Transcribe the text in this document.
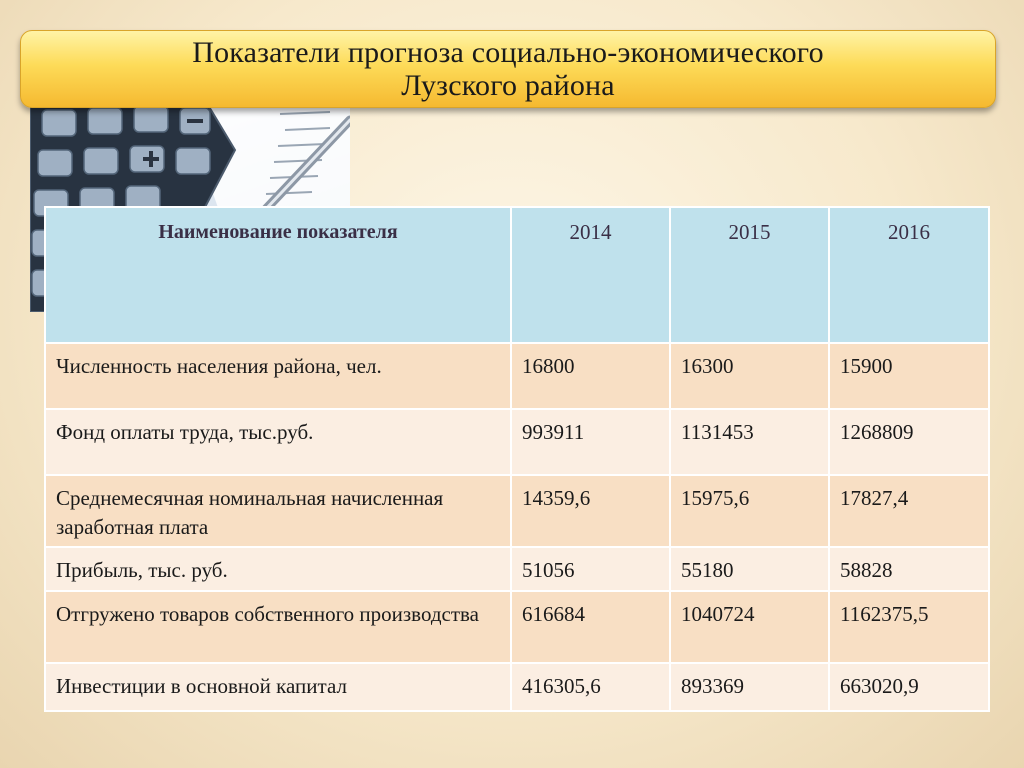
Показатели прогноза социально-экономического
Лузского района
Наименование показателя	2014	2015	2016
Численность населения района, чел.	16800	16300	15900
Фонд оплаты труда, тыс.руб.	993911	1131453	1268809
Среднемесячная номинальная начисленная заработная плата	14359,6	15975,6	17827,4
Прибыль, тыс. руб.	51056	55180	58828
Отгружено товаров собственного производства	616684	1040724	1162375,5
Инвестиции в основной капитал	416305,6	893369	663020,9
